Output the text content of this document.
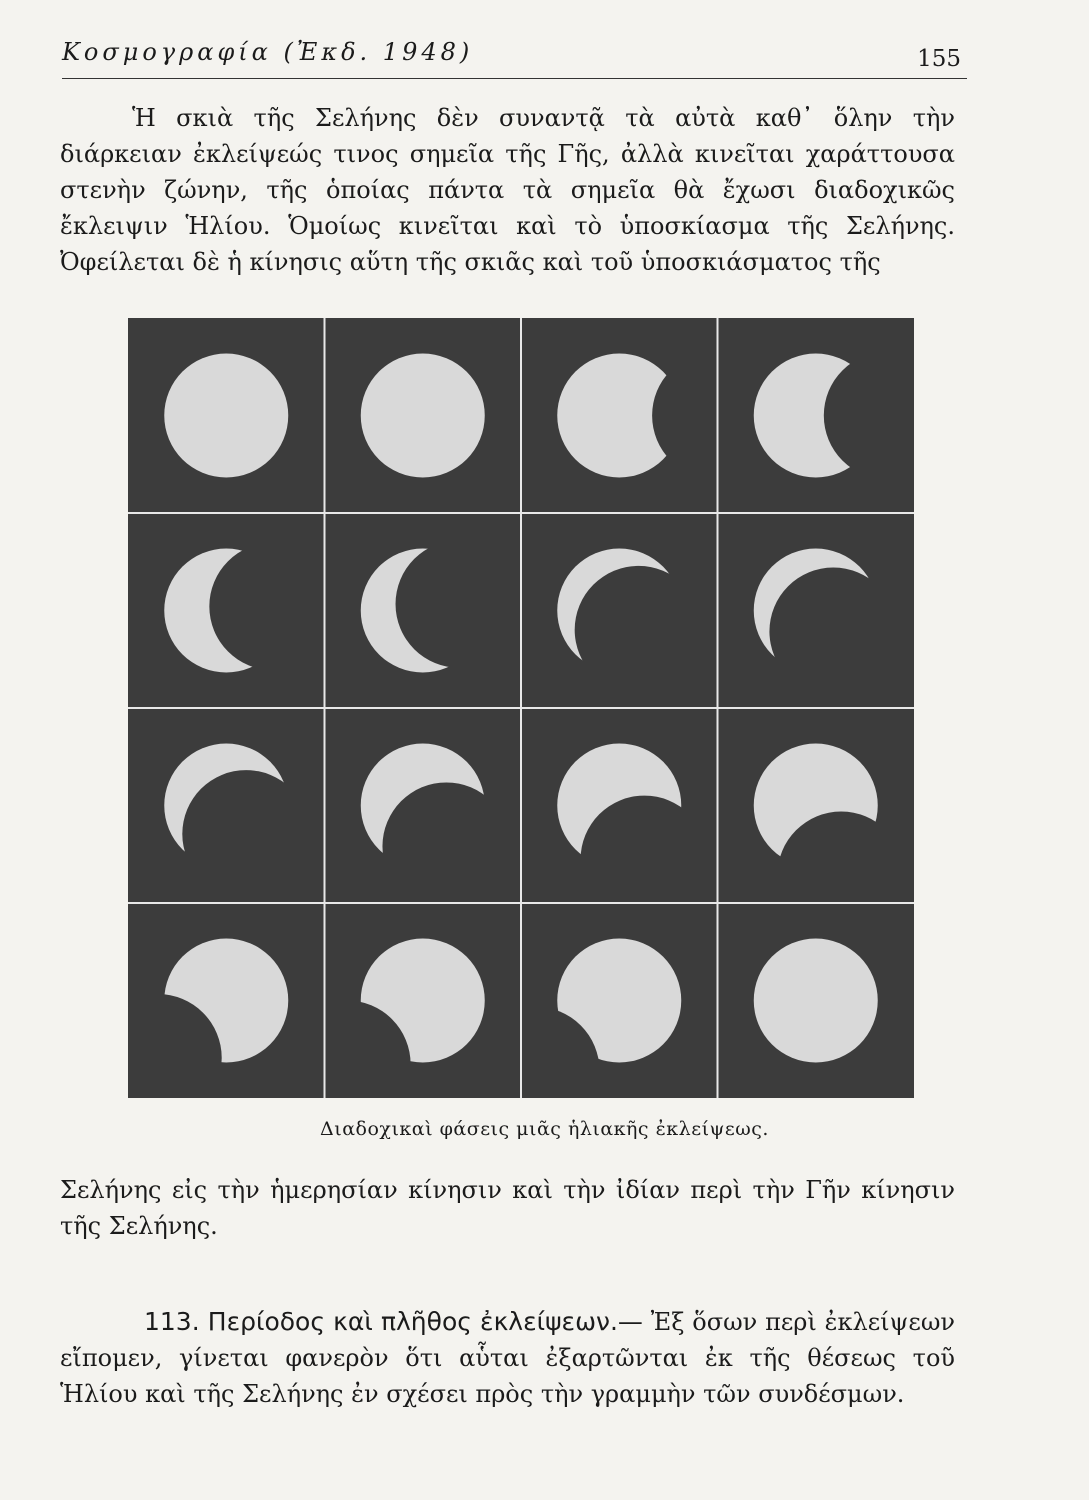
Κοσμογραφία (Ἐκδ. 1948)	155
Ἡ σκιὰ τῆς Σελήνης δὲν συναντᾷ τὰ αὐτὰ καθ᾽ ὅλην τὴν διάρκειαν ἐκλείψεώς τινος σημεῖα τῆς Γῆς, ἀλλὰ κινεῖται χαράττουσα στενὴν ζώνην, τῆς ὁποίας πάντα τὰ σημεῖα θὰ ἔχωσι διαδοχικῶς ἔκλειψιν Ἡλίου. Ὁμοίως κινεῖται καὶ τὸ ὑποσκίασμα τῆς Σελήνης. Ὀφείλεται δὲ ἡ κίνησις αὕτη τῆς σκιᾶς καὶ τοῦ ὑποσκιάσματος τῆς
Διαδοχικαὶ φάσεις μιᾶς ἡλιακῆς ἐκλείψεως.
Σελήνης εἰς τὴν ἡμερησίαν κίνησιν καὶ τὴν ἰδίαν περὶ τὴν Γῆν κίνησιν τῆς Σελήνης.
113. Περίοδος καὶ πλῆθος ἐκλείψεων.— Ἐξ ὅσων περὶ ἐκλείψεων εἴπομεν, γίνεται φανερὸν ὅτι αὗται ἐξαρτῶνται ἐκ τῆς θέσεως τοῦ Ἡλίου καὶ τῆς Σελήνης ἐν σχέσει πρὸς τὴν γραμμὴν τῶν συνδέσμων.
